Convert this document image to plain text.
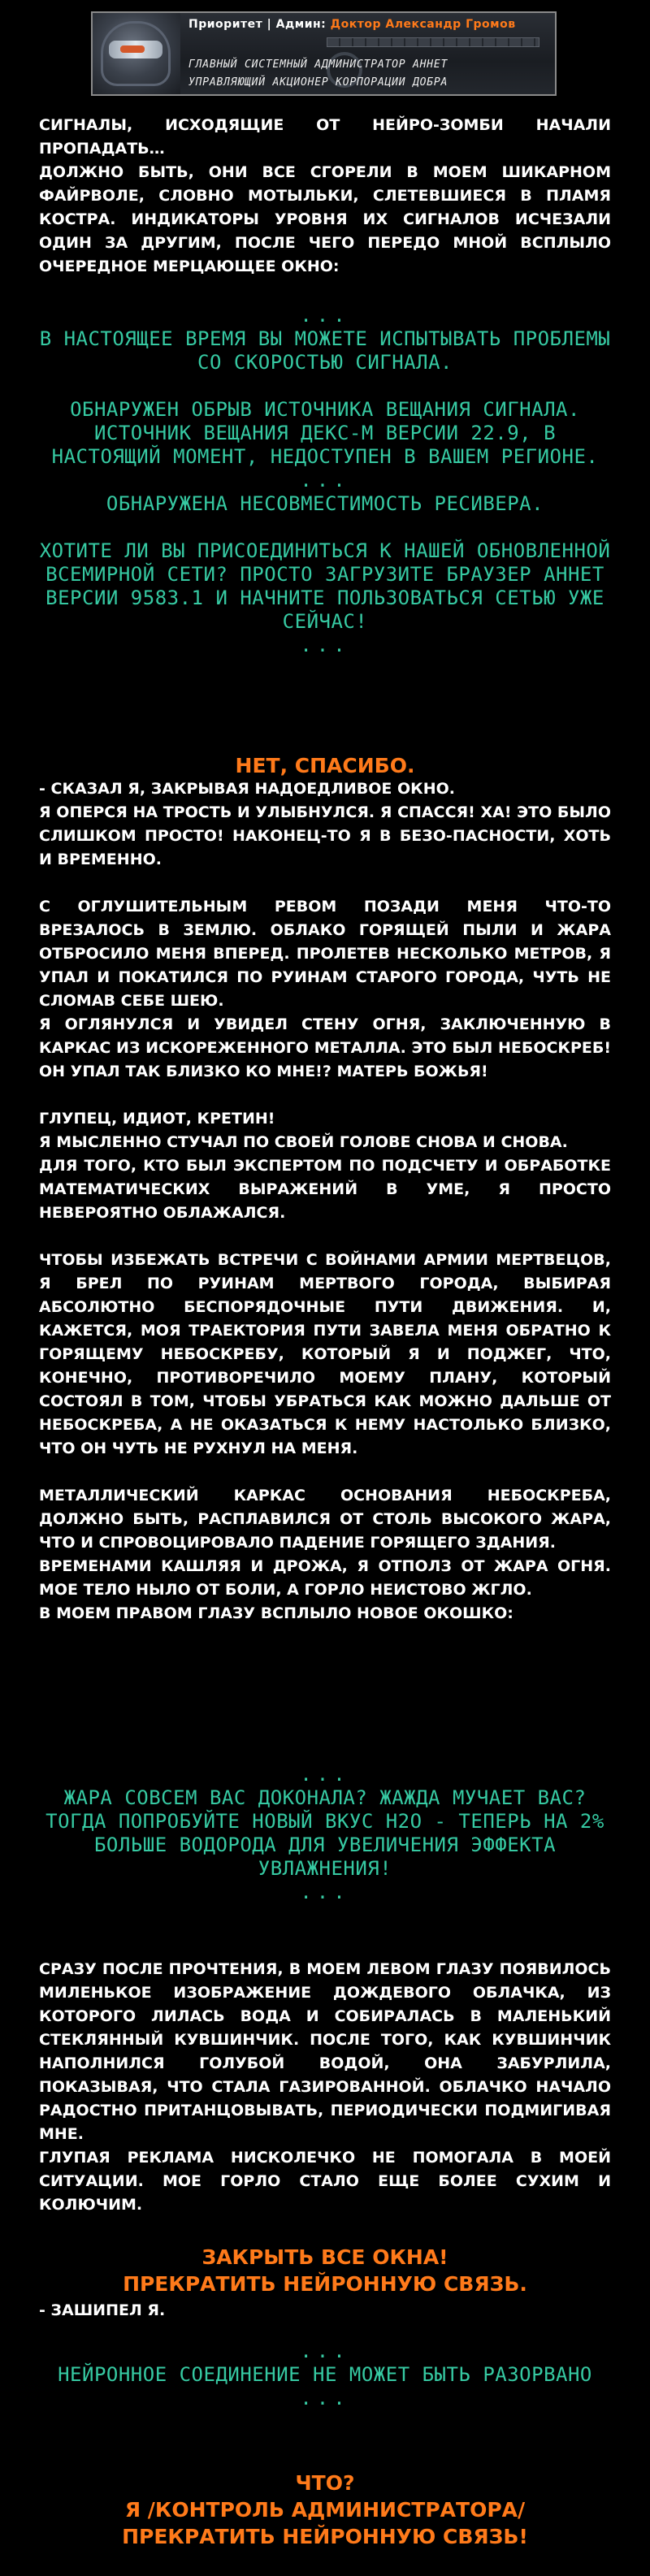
Приоритет | Админ: Доктор Александр Громов
ГЛАВНЫЙ СИСТЕМНЫЙ АДМИНИСТРАТОР АННЕТ
УПРАВЛЯЮЩИЙ АКЦИОНЕР КОРПОРАЦИИ ДОБРА

СИГНАЛЫ, ИСХОДЯЩИЕ ОТ НЕЙРО-ЗОМБИ НАЧАЛИ ПРОПАДАТЬ…

ДОЛЖНО БЫТЬ, ОНИ ВСЕ СГОРЕЛИ В МОЕМ ШИКАРНОМ ФАЙРВОЛЕ, СЛОВНО МОТЫЛЬКИ, СЛЕТЕВШИЕСЯ В ПЛАМЯ КОСТРА. ИНДИКАТОРЫ УРОВНЯ ИХ СИГНАЛОВ ИСЧЕЗАЛИ ОДИН ЗА ДРУГИМ, ПОСЛЕ ЧЕГО ПЕРЕДО МНОЙ ВСПЛЫЛО ОЧЕРЕДНОЕ МЕРЦАЮЩЕЕ ОКНО:

...

В НАСТОЯЩЕЕ ВРЕМЯ ВЫ МОЖЕТЕ ИСПЫТЫВАТЬ ПРОБЛЕМЫ СО СКОРОСТЬЮ СИГНАЛА.

ОБНАРУЖЕН ОБРЫВ ИСТОЧНИКА ВЕЩАНИЯ СИГНАЛА. ИСТОЧНИК ВЕЩАНИЯ ДЕКС-М ВЕРСИИ 22.9, В НАСТОЯЩИЙ МОМЕНТ, НЕДОСТУПЕН В ВАШЕМ РЕГИОНЕ.

...

ОБНАРУЖЕНА НЕСОВМЕСТИМОСТЬ РЕСИВЕРА.

ХОТИТЕ ЛИ ВЫ ПРИСОЕДИНИТЬСЯ К НАШЕЙ ОБНОВЛЕННОЙ ВСЕМИРНОЙ СЕТИ? ПРОСТО ЗАГРУЗИТЕ БРАУЗЕР АННЕТ ВЕРСИИ 9583.1 И НАЧНИТЕ ПОЛЬЗОВАТЬСЯ СЕТЬЮ УЖЕ СЕЙЧАС!

...

НЕТ, СПАСИБО.

- СКАЗАЛ Я, ЗАКРЫВАЯ НАДОЕДЛИВОЕ ОКНО.

Я ОПЕРСЯ НА ТРОСТЬ И УЛЫБНУЛСЯ. Я СПАССЯ! ХА! ЭТО БЫЛО СЛИШКОМ ПРОСТО! НАКОНЕЦ-ТО Я В БЕЗО-ПАСНОСТИ, ХОТЬ И ВРЕМЕННО.

С ОГЛУШИТЕЛЬНЫМ РЕВОМ ПОЗАДИ МЕНЯ ЧТО-ТО ВРЕЗАЛОСЬ В ЗЕМЛЮ. ОБЛАКО ГОРЯЩЕЙ ПЫЛИ И ЖАРА ОТБРОСИЛО МЕНЯ ВПЕРЕД. ПРОЛЕТЕВ НЕСКОЛЬКО МЕТРОВ, Я УПАЛ И ПОКАТИЛСЯ ПО РУИНАМ СТАРОГО ГОРОДА, ЧУТЬ НЕ СЛОМАВ СЕБЕ ШЕЮ.

Я ОГЛЯНУЛСЯ И УВИДЕЛ СТЕНУ ОГНЯ, ЗАКЛЮЧЕННУЮ В КАРКАС ИЗ ИСКОРЕЖЕННОГО МЕТАЛЛА. ЭТО БЫЛ НЕБОСКРЕБ! ОН УПАЛ ТАК БЛИЗКО КО МНЕ!? МАТЕРЬ БОЖЬЯ!

ГЛУПЕЦ, ИДИОТ, КРЕТИН!

Я МЫСЛЕННО СТУЧАЛ ПО СВОЕЙ ГОЛОВЕ СНОВА И СНОВА.

ДЛЯ ТОГО, КТО БЫЛ ЭКСПЕРТОМ ПО ПОДСЧЕТУ И ОБРАБОТКЕ МАТЕМАТИЧЕСКИХ ВЫРАЖЕНИЙ В УМЕ, Я ПРОСТО НЕВЕРОЯТНО ОБЛАЖАЛСЯ.

ЧТОБЫ ИЗБЕЖАТЬ ВСТРЕЧИ С ВОЙНАМИ АРМИИ МЕРТВЕЦОВ, Я БРЕЛ ПО РУИНАМ МЕРТВОГО ГОРОДА, ВЫБИРАЯ АБСОЛЮТНО БЕСПОРЯДОЧНЫЕ ПУТИ ДВИЖЕНИЯ. И, КАЖЕТСЯ, МОЯ ТРАЕКТОРИЯ ПУТИ ЗАВЕЛА МЕНЯ ОБРАТНО К ГОРЯЩЕМУ НЕБОСКРЕБУ, КОТОРЫЙ Я И ПОДЖЕГ, ЧТО, КОНЕЧНО, ПРОТИВОРЕЧИЛО МОЕМУ ПЛАНУ, КОТОРЫЙ СОСТОЯЛ В ТОМ, ЧТОБЫ УБРАТЬСЯ КАК МОЖНО ДАЛЬШЕ ОТ НЕБОСКРЕБА, А НЕ ОКАЗАТЬСЯ К НЕМУ НАСТОЛЬКО БЛИЗКО, ЧТО ОН ЧУТЬ НЕ РУХНУЛ НА МЕНЯ.

МЕТАЛЛИЧЕСКИЙ КАРКАС ОСНОВАНИЯ НЕБОСКРЕБА, ДОЛЖНО БЫТЬ, РАСПЛАВИЛСЯ ОТ СТОЛЬ ВЫСОКОГО ЖАРА, ЧТО И СПРОВОЦИРОВАЛО ПАДЕНИЕ ГОРЯЩЕГО ЗДАНИЯ.

ВРЕМЕНАМИ КАШЛЯЯ И ДРОЖА, Я ОТПОЛЗ ОТ ЖАРА ОГНЯ. МОЕ ТЕЛО НЫЛО ОТ БОЛИ, А ГОРЛО НЕИСТОВО ЖГЛО.

В МОЕМ ПРАВОМ ГЛАЗУ ВСПЛЫЛО НОВОЕ ОКОШКО:

...

ЖАРА СОВСЕМ ВАС ДОКОНАЛА? ЖАЖДА МУЧАЕТ ВАС? ТОГДА ПОПРОБУЙТЕ НОВЫЙ ВКУС H2O - ТЕПЕРЬ НА 2% БОЛЬШЕ ВОДОРОДА ДЛЯ УВЕЛИЧЕНИЯ ЭФФЕКТА УВЛАЖНЕНИЯ!

...

СРАЗУ ПОСЛЕ ПРОЧТЕНИЯ, В МОЕМ ЛЕВОМ ГЛАЗУ ПОЯВИЛОСЬ МИЛЕНЬКОЕ ИЗОБРАЖЕНИЕ ДОЖДЕВОГО ОБЛАЧКА, ИЗ КОТОРОГО ЛИЛАСЬ ВОДА И СОБИРАЛАСЬ В МАЛЕНЬКИЙ СТЕКЛЯННЫЙ КУВШИНЧИК. ПОСЛЕ ТОГО, КАК КУВШИНЧИК НАПОЛНИЛСЯ ГОЛУБОЙ ВОДОЙ, ОНА ЗАБУРЛИЛА, ПОКАЗЫВАЯ, ЧТО СТАЛА ГАЗИРОВАННОЙ. ОБЛАЧКО НАЧАЛО РАДОСТНО ПРИТАНЦОВЫВАТЬ, ПЕРИОДИЧЕСКИ ПОДМИГИВАЯ МНЕ.

ГЛУПАЯ РЕКЛАМА НИСКОЛЕЧКО НЕ ПОМОГАЛА В МОЕЙ СИТУАЦИИ. МОЕ ГОРЛО СТАЛО ЕЩЕ БОЛЕЕ СУХИМ И КОЛЮЧИМ.

ЗАКРЫТЬ ВСЕ ОКНА!

ПРЕКРАТИТЬ НЕЙРОННУЮ СВЯЗЬ.

- ЗАШИПЕЛ Я.

...

НЕЙРОННОЕ СОЕДИНЕНИЕ НЕ МОЖЕТ БЫТЬ РАЗОРВАНО

...

ЧТО?

Я /КОНТРОЛЬ АДМИНИСТРАТОРА/

ПРЕКРАТИТЬ НЕЙРОННУЮ СВЯЗЬ!
